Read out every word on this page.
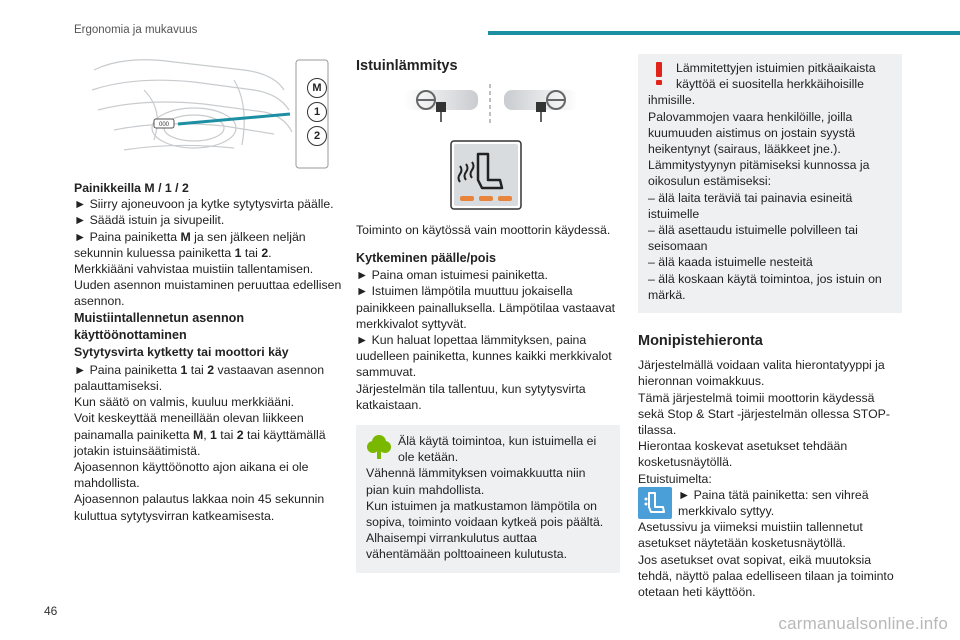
Ergonomia ja mukavuus
000
M
1
2

Painikkeilla M / 1 / 2

► Siirry ajoneuvoon ja kytke sytytysvirta päälle.

► Säädä istuin ja sivupeilit.

► Paina painiketta M ja sen jälkeen neljän sekunnin kuluessa painiketta 1 tai 2.

Merkkiääni vahvistaa muistiin tallentamisen.

Uuden asennon muistaminen peruuttaa edellisen asennon.

Muistiintallennetun asennon käyttöönottaminen

Sytytysvirta kytketty tai moottori käy

► Paina painiketta 1 tai 2 vastaavan asennon palauttamiseksi.

Kun säätö on valmis, kuuluu merkkiääni.

Voit keskeyttää meneillään olevan liikkeen painamalla painiketta M, 1 tai 2 tai käyttämällä jotakin istuinsäätimistä.

Ajoasennon käyttöönotto ajon aikana ei ole mahdollista.

Ajoasennon palautus lakkaa noin 45 sekunnin kuluttua sytytysvirran katkeamisesta.

Istuinlämmitys

Toiminto on käytössä vain moottorin käydessä.

Kytkeminen päälle/pois

► Paina oman istuimesi painiketta.

► Istuimen lämpötila muuttuu jokaisella painikkeen painalluksella. Lämpötilaa vastaavat merkkivalot syttyvät.

► Kun haluat lopettaa lämmityksen, paina uudelleen painiketta, kunnes kaikki merkkivalot sammuvat.

Järjestelmän tila tallentuu, kun sytytysvirta katkaistaan.

Älä käytä toimintoa, kun istuimella ei ole ketään.

Vähennä lämmityksen voimakkuutta niin pian kuin mahdollista.

Kun istuimen ja matkustamon lämpötila on sopiva, toiminto voidaan kytkeä pois päältä.

Alhaisempi virrankulutus auttaa vähentämään polttoaineen kulutusta.

Lämmitettyjen istuimien pitkäaikaista käyttöä ei suositella herkkäihoisille ihmisille.

Palovammojen vaara henkilöille, joilla kuumuuden aistimus on jostain syystä heikentynyt (sairaus, lääkkeet jne.).

Lämmitystyynyn pitämiseksi kunnossa ja oikosulun estämiseksi:

– älä laita teräviä tai painavia esineitä istuimelle

– älä asettaudu istuimelle polvilleen tai seisomaan

– älä kaada istuimelle nesteitä

– älä koskaan käytä toimintoa, jos istuin on märkä.

Monipistehieronta

Järjestelmällä voidaan valita hierontatyyppi ja hieronnan voimakkuus.

Tämä järjestelmä toimii moottorin käydessä sekä Stop & Start -järjestelmän ollessa STOP-tilassa.

Hierontaa koskevat asetukset tehdään kosketusnäytöllä.

Etuistuimelta:

► Paina tätä painiketta: sen vihreä merkkivalo syttyy.

Asetussivu ja viimeksi muistiin tallennetut asetukset näytetään kosketusnäytöllä.

Jos asetukset ovat sopivat, eikä muutoksia tehdä, näyttö palaa edelliseen tilaan ja toiminto otetaan heti käyttöön.

46
carmanualsonline.info
